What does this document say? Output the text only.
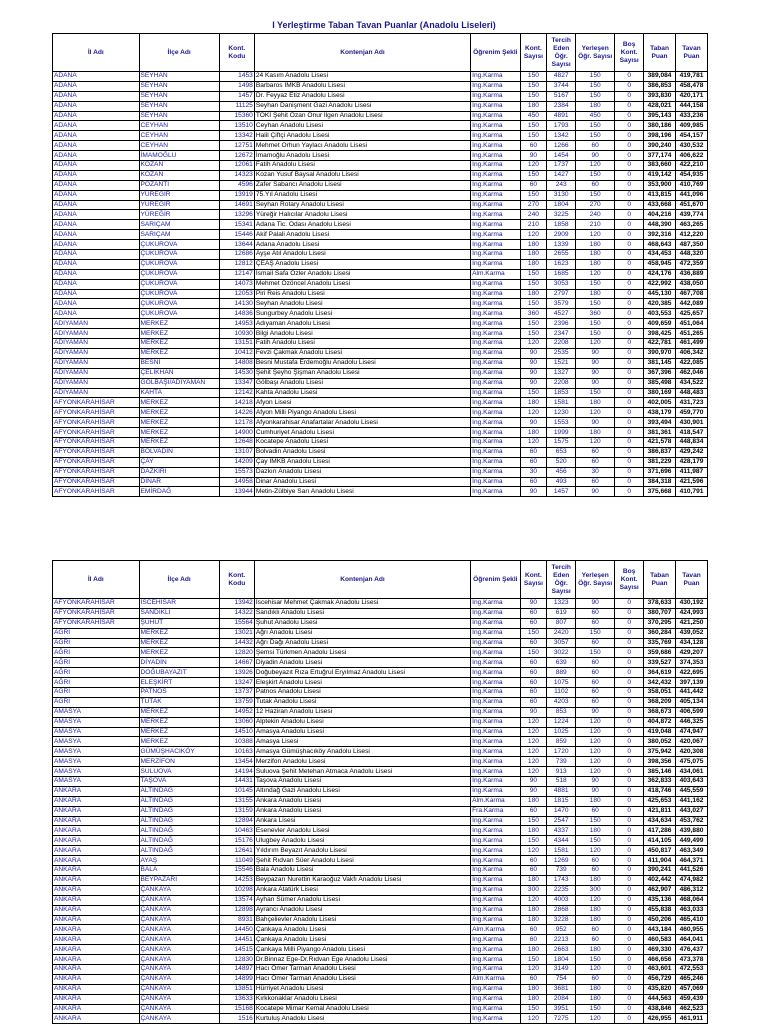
I Yerleştirme Taban Tavan Puanlar (Anadolu Liseleri)
İl Adı	İlçe Adı	Kont. Kodu	Kontenjan Adı	Öğrenim Şekli	Kont. Sayısı	Tercih Eden Öğr. Sayısı	Yerleşen Öğr. Sayısı	Boş Kont. Sayısı	Taban Puan	Tavan Puan
ADANA	SEYHAN	1453	24 Kasım Anadolu Lisesi	Ing.Karma	150	4827	150	0	389,084	419,781
ADANA	SEYHAN	1498	Barbaros IMKB Anadolu Lisesi	Ing.Karma	150	3744	150	0	386,853	458,478
ADANA	SEYHAN	1457	Dr. Feyyaz Etiz Anadolu Lisesi	Ing.Karma	150	5167	150	0	393,830	420,171
ADANA	SEYHAN	11125	Seyhan Danişment Gazi Anadolu Lisesi	Ing.Karma	180	2384	180	0	428,021	444,158
ADANA	SEYHAN	15360	TOKİ Şehit Ozan Onur İlgen Anadolu Lisesi	Ing.Karma	450	4891	450	0	395,143	433,236
ADANA	CEYHAN	13510	Ceyhan Anadolu Lisesi	Ing.Karma	150	1793	150	0	380,186	409,985
ADANA	CEYHAN	13342	Halil Çiftçi Anadolu Lisesi	Ing.Karma	150	1342	150	0	398,196	454,157
ADANA	CEYHAN	12751	Mehmet Orhun Yaylacı Anadolu Lisesi	Ing.Karma	60	1266	60	0	390,240	430,532
ADANA	İMAMOĞLU	12672	İmamoğlu Anadolu Lisesi	Ing.Karma	90	1454	90	0	377,174	406,622
ADANA	KOZAN	12061	Fatih Anadolu Lisesi	Ing.Karma	120	1737	120	0	383,660	422,210
ADANA	KOZAN	14323	Kozan Yusuf Baysal Anadolu Lisesi	Ing.Karma	150	1427	150	0	419,142	454,935
ADANA	POZANTI	4596	Zafer Sabancı Anadolu Lisesi	Ing.Karma	60	243	60	0	353,900	410,769
ADANA	YÜREĞİR	13919	75.Yıl Anadolu Lisesi	Ing.Karma	150	3130	150	0	413,815	441,096
ADANA	YÜREĞİR	14691	Seyhan Rotary Anadolu Lisesi	Ing.Karma	270	1804	270	0	433,668	451,670
ADANA	YÜREĞİR	13296	Yüreğir Halıcılar Anadolu Lisesi	Ing.Karma	240	3225	240	0	404,216	439,774
ADANA	SARIÇAM	15341	Adana Tic. Odası Anadolu Lisesi	Ing.Karma	210	1858	210	0	448,390	463,265
ADANA	SARIÇAM	15446	Akif Palali Anadolu Lisesi	Ing.Karma	120	2909	120	0	392,316	412,220
ADANA	ÇUKUROVA	13644	Adana Anadolu Lisesi	Ing.Karma	180	1339	180	0	468,643	487,350
ADANA	ÇUKUROVA	12686	Ayşe Atıl Anadolu Lisesi	Ing.Karma	180	2655	180	0	434,453	448,320
ADANA	ÇUKUROVA	12812	ÇEAŞ Anadolu Lisesi	Ing.Karma	180	1623	180	0	458,945	472,359
ADANA	ÇUKUROVA	12147	İsmail Safa Özler Anadolu Lisesi	Alm.Karma	150	1685	120	0	424,176	436,889
ADANA	ÇUKUROVA	14073	Mehmet Özöncel Anadolu Lisesi	Ing.Karma	150	3053	150	0	422,992	438,050
ADANA	ÇUKUROVA	12053	Piri Reis Anadolu Lisesi	Ing.Karma	180	2797	180	0	445,130	467,708
ADANA	ÇUKUROVA	14130	Seyhan Anadolu Lisesi	Ing.Karma	150	3579	150	0	420,385	442,089
ADANA	ÇUKUROVA	14836	Sungurbey Anadolu Lisesi	Ing.Karma	360	4527	360	0	403,553	425,657
ADIYAMAN	MERKEZ	14953	Adıyaman Anadolu Lisesi	Ing.Karma	150	2396	150	0	409,659	451,064
ADIYAMAN	MERKEZ	10930	Bilgi Anadolu Lisesi	Ing.Karma	150	2347	150	0	398,425	451,265
ADIYAMAN	MERKEZ	13151	Fatih Anadolu Lisesi	Ing.Karma	120	2208	120	0	422,781	461,499
ADIYAMAN	MERKEZ	10412	Fevzi Çakmak Anadolu Lisesi	Ing.Karma	90	2535	90	0	390,970	406,342
ADIYAMAN	BESNİ	14808	Besni Mustafa Erdemoğlu Anadolu Lisesi	Ing.Karma	90	1521	90	0	381,145	422,085
ADIYAMAN	ÇELİKHAN	14530	Şehit Şeyho Şişman Anadolu Lisesi	Ing.Karma	90	1327	90	0	367,396	462,046
ADIYAMAN	GÖLBAŞI/ADIYAMAN	13347	Gölbaşı Anadolu Lisesi	Ing.Karma	90	2208	90	0	385,498	434,522
ADIYAMAN	KAHTA	12142	Kahta Anadolu Lisesi	Ing.Karma	150	1853	150	0	380,169	448,483
AFYONKARAHİSAR	MERKEZ	14218	Afyon Lisesi	Ing.Karma	180	1581	180	0	402,005	431,723
AFYONKARAHİSAR	MERKEZ	14226	Afyon Milli Piyango Anadolu Lisesi	Ing.Karma	120	1230	120	0	438,179	459,770
AFYONKARAHİSAR	MERKEZ	12178	Afyonkarahisar Anafartalar Anadolu Lisesi	Ing.Karma	90	1553	90	0	393,494	430,901
AFYONKARAHİSAR	MERKEZ	14900	Cumhuriyet Anadolu Lisesi	Ing.Karma	180	1999	180	0	381,361	418,547
AFYONKARAHİSAR	MERKEZ	12648	Kocatepe Anadolu Lisesi	Ing.Karma	120	1575	120	0	421,578	448,834
AFYONKARAHİSAR	BOLVADİN	13107	Bolvadin Anadolu Lisesi	Ing.Karma	60	653	60	0	386,837	429,242
AFYONKARAHİSAR	ÇAY	14209	Çay IMKB Anadolu Lisesi	Ing.Karma	60	520	60	0	381,229	428,179
AFYONKARAHİSAR	DAZKIRI	15573	Dazkırı Anadolu Lisesi	Ing.Karma	30	456	30	0	371,696	411,987
AFYONKARAHİSAR	DİNAR	14958	Dinar Anadolu Lisesi	Ing.Karma	60	493	60	0	384,318	421,596
AFYONKARAHİSAR	EMİRDAĞ	13944	Metin-Zülbiye Sarı Anadolu Lisesi	Ing.Karma	90	1457	90	0	375,668	410,791
İl Adı	İlçe Adı	Kont. Kodu	Kontenjan Adı	Öğrenim Şekli	Kont. Sayısı	Tercih Eden Öğr. Sayısı	Yerleşen Öğr. Sayısı	Boş Kont. Sayısı	Taban Puan	Tavan Puan
AFYONKARAHİSAR	İSCEHİSAR	13942	İscehisar Mehmet Çakmak Anadolu Lisesi	Ing.Karma	90	1323	90	0	378,633	430,192
AFYONKARAHİSAR	SANDIKLI	14322	Sandıklı Anadolu Lisesi	Ing.Karma	60	619	60	0	380,707	424,993
AFYONKARAHİSAR	ŞUHUT	15564	Şuhut Anadolu Lisesi	Ing.Karma	60	807	60	0	370,295	421,250
AĞRI	MERKEZ	13021	Ağrı Anadolu Lisesi	Ing.Karma	150	2420	150	0	360,284	439,052
AĞRI	MERKEZ	14432	Ağrı Dağı Anadolu Lisesi	Ing.Karma	60	3057	60	0	335,769	434,128
AĞRI	MERKEZ	12820	Şemsi Türkmen Anadolu Lisesi	Ing.Karma	150	3022	150	0	359,686	429,207
AĞRI	DİYADİN	14667	Diyadin Anadolu Lisesi	Ing.Karma	60	639	60	0	339,527	374,353
AĞRI	DOĞUBAYAZIT	13926	Doğubeyazıt Rıza Ertuğrul Eryılmaz Anadolu Lisesi	Ing.Karma	60	889	60	0	364,619	422,695
AĞRI	ELEŞKİRT	13247	Eleşkirt Anadolu Lisesi	Ing.Karma	60	1075	60	0	342,432	397,139
AĞRI	PATNOS	13737	Patnos Anadolu Lisesi	Ing.Karma	60	1102	60	0	358,051	441,442
AĞRI	TUTAK	13759	Tutak Anadolu Lisesi	Ing.Karma	60	4203	60	0	368,209	405,134
AMASYA	MERKEZ	14952	12 Haziran Anadolu Lisesi	Ing.Karma	90	853	90	0	368,673	406,599
AMASYA	MERKEZ	13060	Alptekin Anadolu Lisesi	Ing.Karma	120	1224	120	0	404,872	446,325
AMASYA	MERKEZ	14510	Amasya Anadolu Lisesi	Ing.Karma	120	1025	120	0	419,048	474,947
AMASYA	MERKEZ	10388	Amasya Lisesi	Ing.Karma	120	859	120	0	380,052	420,067
AMASYA	GÜMÜŞHACIKÖY	10163	Amasya Gümüşhacıköy Anadolu Lisesi	Ing.Karma	120	1720	120	0	375,942	420,308
AMASYA	MERZİFON	13454	Merzifon Anadolu Lisesi	Ing.Karma	120	739	120	0	398,356	475,075
AMASYA	SULUOVA	14194	Suluova Şehit Metehan Atmaca Anadolu Lisesi	Ing.Karma	120	913	120	0	385,146	434,061
AMASYA	TAŞOVA	14431	Taşova Anadolu Lisesi	Ing.Karma	90	518	90	0	362,833	403,643
ANKARA	ALTINDAĞ	10145	Altındağ Gazi Anadolu Lisesi	Ing.Karma	90	4881	90	0	418,746	445,559
ANKARA	ALTINDAĞ	13155	Ankara Anadolu Lisesi	Alm.Karma	180	1815	180	0	425,653	441,162
ANKARA	ALTINDAĞ	13159	Ankara Anadolu Lisesi	Fra.Karma	60	1470	60	0	421,811	443,027
ANKARA	ALTINDAĞ	12894	Ankara Lisesi	Ing.Karma	150	2547	150	0	434,634	453,762
ANKARA	ALTINDAĞ	10463	Esenevler Anadolu Lisesi	Ing.Karma	180	4337	180	0	417,286	439,880
ANKARA	ALTINDAĞ	15176	Ulugbey Anadolu Lisesi	Ing.Karma	150	4344	150	0	414,105	449,499
ANKARA	ALTINDAĞ	12641	Yıldırım Beyazıt Anadolu Lisesi	Ing.Karma	120	1581	120	0	450,817	463,349
ANKARA	AYAŞ	11049	Şehit Rıdvan Süer Anadolu Lisesi	Ing.Karma	60	1269	60	0	411,904	464,371
ANKARA	BALA	15546	Bala Anadolu Lisesi	Ing.Karma	60	739	60	0	390,241	441,526
ANKARA	BEYPAZARI	14253	Beypazarı Nurettin Karaoğuz Vakfı Anadolu Lisesi	Ing.Karma	180	1743	180	0	402,442	474,982
ANKARA	ÇANKAYA	10298	Ankara Atatürk Lisesi	Ing.Karma	300	2235	300	0	462,907	486,312
ANKARA	ÇANKAYA	13574	Ayhan Sümer Anadolu Lisesi	Ing.Karma	120	4003	120	0	435,136	468,064
ANKARA	ÇANKAYA	12898	Ayrancı Anadolu Lisesi	Ing.Karma	180	2868	180	0	455,838	463,033
ANKARA	ÇANKAYA	8931	Bahçelievler Anadolu Lisesi	Ing.Karma	180	3228	180	0	450,206	465,410
ANKARA	ÇANKAYA	14450	Çankaya Anadolu Lisesi	Alm.Karma	60	952	60	0	443,184	460,955
ANKARA	ÇANKAYA	14451	Çankaya Anadolu Lisesi	Ing.Karma	60	2213	60	0	460,583	464,041
ANKARA	ÇANKAYA	14515	Çankaya Milli Piyango Anadolu Lisesi	Ing.Karma	180	2663	180	0	469,330	476,437
ANKARA	ÇANKAYA	12830	Dr.Binnaz Ege-Dr.Rıdvan Ege Anadolu Lisesi	Ing.Karma	150	1804	150	0	466,656	473,378
ANKARA	ÇANKAYA	14897	Hacı Ömer Tarman Anadolu Lisesi	Ing.Karma	120	3149	120	0	463,601	472,553
ANKARA	ÇANKAYA	14899	Hacı Ömer Tarman Anadolu Lisesi	Alm.Karma	60	754	60	0	456,729	465,246
ANKARA	ÇANKAYA	13851	Hürriyet Anadolu Lisesi	Ing.Karma	180	3681	180	0	435,820	457,069
ANKARA	ÇANKAYA	13633	Kırkkonaklar Anadolu Lisesi	Ing.Karma	180	2084	180	0	444,563	459,439
ANKARA	ÇANKAYA	15168	Kocatepe Mimar Kemal Anadolu Lisesi	Ing.Karma	150	3951	150	0	438,846	462,523
ANKARA	ÇANKAYA	1516	Kurtuluş Anadolu Lisesi	Ing.Karma	120	7275	120	0	426,955	461,911
